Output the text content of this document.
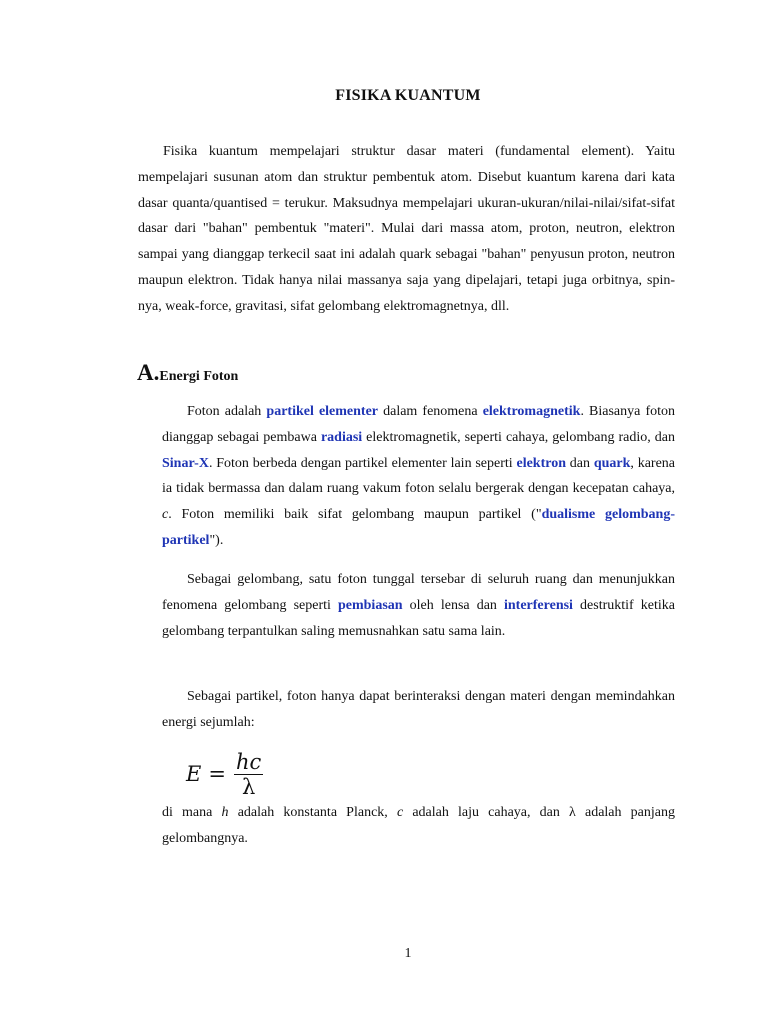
FISIKA KUANTUM

Fisika kuantum mempelajari struktur dasar materi (fundamental element). Yaitu mempelajari susunan atom dan struktur pembentuk atom. Disebut kuantum karena dari kata dasar quanta/quantised = terukur. Maksudnya mempelajari ukuran-ukuran/nilai-nilai/sifat-sifat dasar dari "bahan" pembentuk "materi". Mulai dari massa atom, proton, neutron, elektron sampai yang dianggap terkecil saat ini adalah quark sebagai "bahan" penyusun proton, neutron maupun elektron. Tidak hanya nilai massanya saja yang dipelajari, tetapi juga orbitnya, spin-nya, weak-force, gravitasi, sifat gelombang elektromagnetnya, dll.

A.Energi Foton

Foton adalah partikel elementer dalam fenomena elektromagnetik. Biasanya foton dianggap sebagai pembawa radiasi elektromagnetik, seperti cahaya, gelombang radio, dan Sinar-X. Foton berbeda dengan partikel elementer lain seperti elektron dan quark, karena ia tidak bermassa dan dalam ruang vakum foton selalu bergerak dengan kecepatan cahaya, c. Foton memiliki baik sifat gelombang maupun partikel ("dualisme gelombang-partikel").

Sebagai gelombang, satu foton tunggal tersebar di seluruh ruang dan menunjukkan fenomena gelombang seperti pembiasan oleh lensa dan interferensi destruktif ketika gelombang terpantulkan saling memusnahkan satu sama lain.

Sebagai partikel, foton hanya dapat berinteraksi dengan materi dengan memindahkan energi sejumlah:

$E = \frac{hc}{\lambda}$

di mana h adalah konstanta Planck, c adalah laju cahaya, dan λ adalah panjang gelombangnya.

1
